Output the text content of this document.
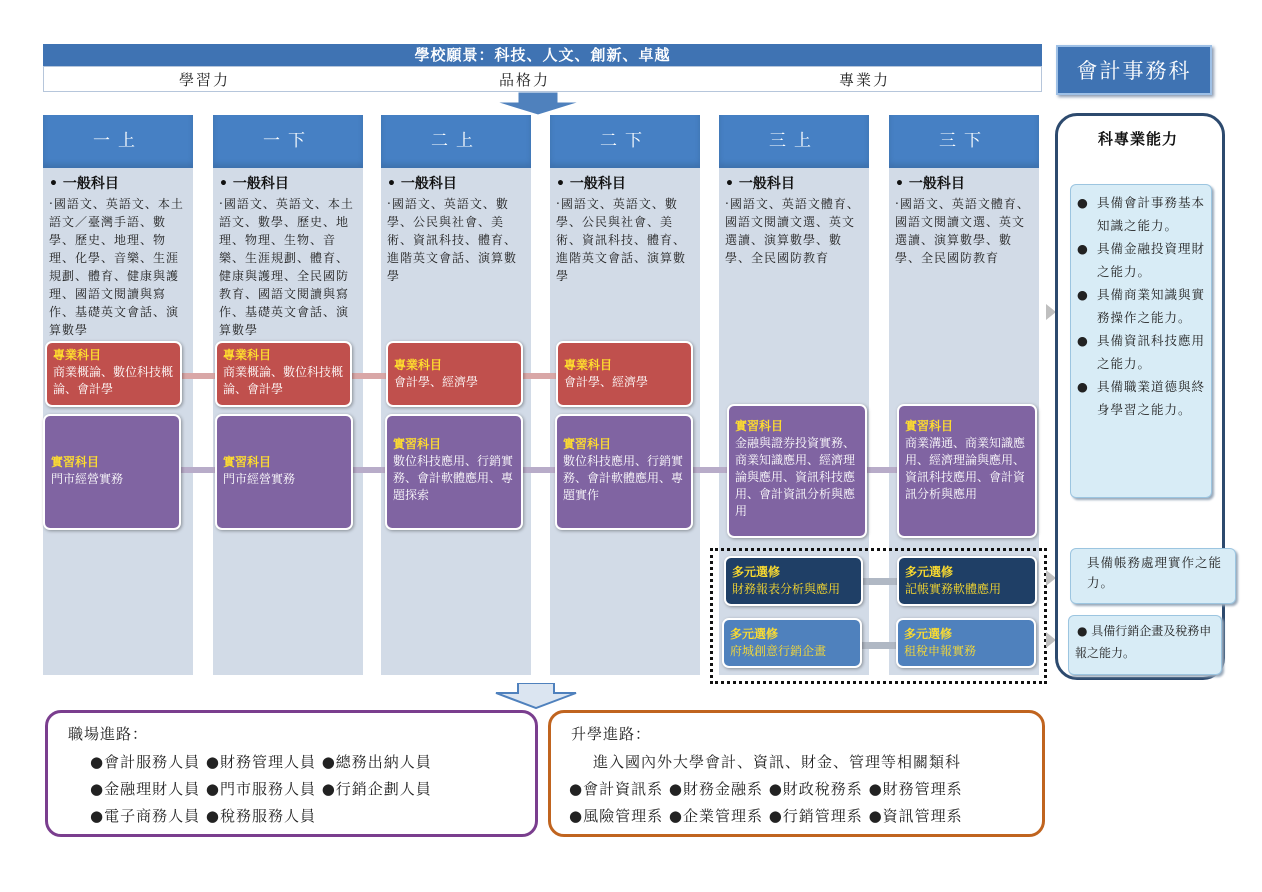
學校願景：科技、人文、創新、卓越
學習力	品格力	專業力	會計事務科
一上
• 一般科目
‧國語文、英語文、本土語文／臺灣手語、數學、歷史、地理、物理、化學、音樂、生涯規劃、體育、健康與護理、國語文閱讀與寫作、基礎英文會話、演算數學
一下
• 一般科目
‧國語文、英語文、本土語文、數學、歷史、地理、物理、生物、音樂、生涯規劃、體育、健康與護理、全民國防教育、國語文閱讀與寫作、基礎英文會話、演算數學
二上
• 一般科目
‧國語文、英語文、數學、公民與社會、美術、資訊科技、體育、進階英文會話、演算數學
二下
• 一般科目
‧國語文、英語文、數學、公民與社會、美術、資訊科技、體育、進階英文會話、演算數學
三上
• 一般科目
‧國語文、英語文體育、國語文閱讀文選、英文選讀、演算數學、數學、全民國防教育
三下
• 一般科目
‧國語文、英語文體育、國語文閱讀文選、英文選讀、演算數學、數學、全民國防教育
專業科目
商業概論、數位科技概論、會計學
專業科目
商業概論、數位科技概論、會計學
專業科目
會計學、經濟學
專業科目
會計學、經濟學
實習科目
門市經營實務
實習科目
門市經營實務
實習科目
數位科技應用、行銷實務、會計軟體應用、專題探索
實習科目
數位科技應用、行銷實務、會計軟體應用、專題實作
實習科目
金融與證券投資實務、商業知識應用、經濟理論與應用、資訊科技應用、會計資訊分析與應用
實習科目
商業溝通、商業知識應用、經濟理論與應用、資訊科技應用、會計資訊分析與應用
多元選修
財務報表分析與應用
多元選修
記帳實務軟體應用
多元選修
府城創意行銷企畫
多元選修
租稅申報實務
科專業能力
● 具備會計事務基本知識之能力。
● 具備金融投資理財之能力。
● 具備商業知識與實務操作之能力。
● 具備資訊科技應用之能力。
● 具備職業道德與終身學習之能力。
具備帳務處理實作之能力。
● 具備行銷企畫及稅務申報之能力。
職場進路：
●會計服務人員 ●財務管理人員 ●總務出納人員
●金融理財人員 ●門市服務人員 ●行銷企劃人員
●電子商務人員 ●稅務服務人員
升學進路：
進入國內外大學會計、資訊、財金、管理等相關類科
●會計資訊系 ●財務金融系 ●財政稅務系 ●財務管理系
●風險管理系 ●企業管理系 ●行銷管理系 ●資訊管理系
